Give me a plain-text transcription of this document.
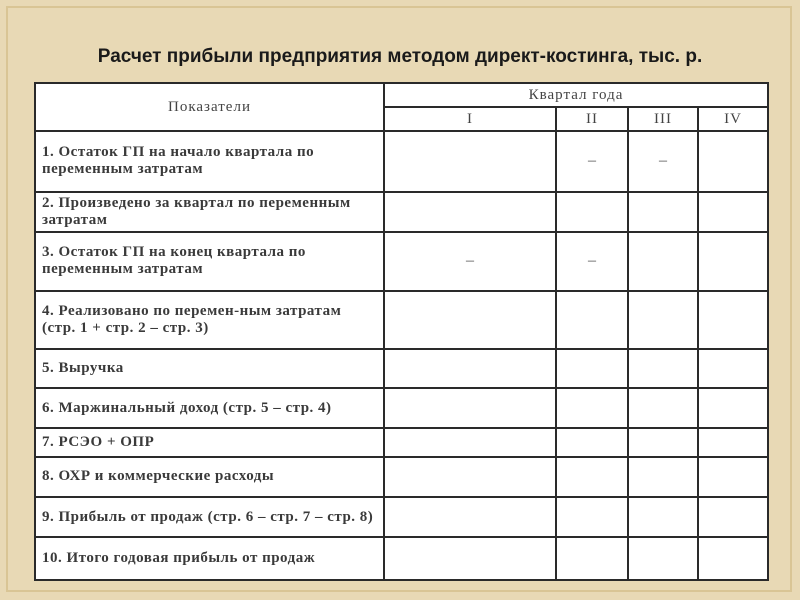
Расчет прибыли предприятия методом директ-костинга, тыс. р.
Показатели	Квартал года			
	I	II	III	IV
1. Остаток ГП на начало квартала по переменным затратам		–	–	
2. Произведено за квартал по переменным затратам				
3. Остаток ГП на конец квартала по переменным затратам	–	–		
4. Реализовано по перемен-ным затратам (стр. 1 + стр. 2 – стр. 3)				
5. Выручка				
6. Маржинальный доход (стр. 5 – стр. 4)				
7. РСЭО + ОПР				
8. ОХР и коммерческие расходы				
9. Прибыль от продаж (стр. 6 – стр. 7 – стр. 8)				
10. Итого годовая прибыль от продаж				
